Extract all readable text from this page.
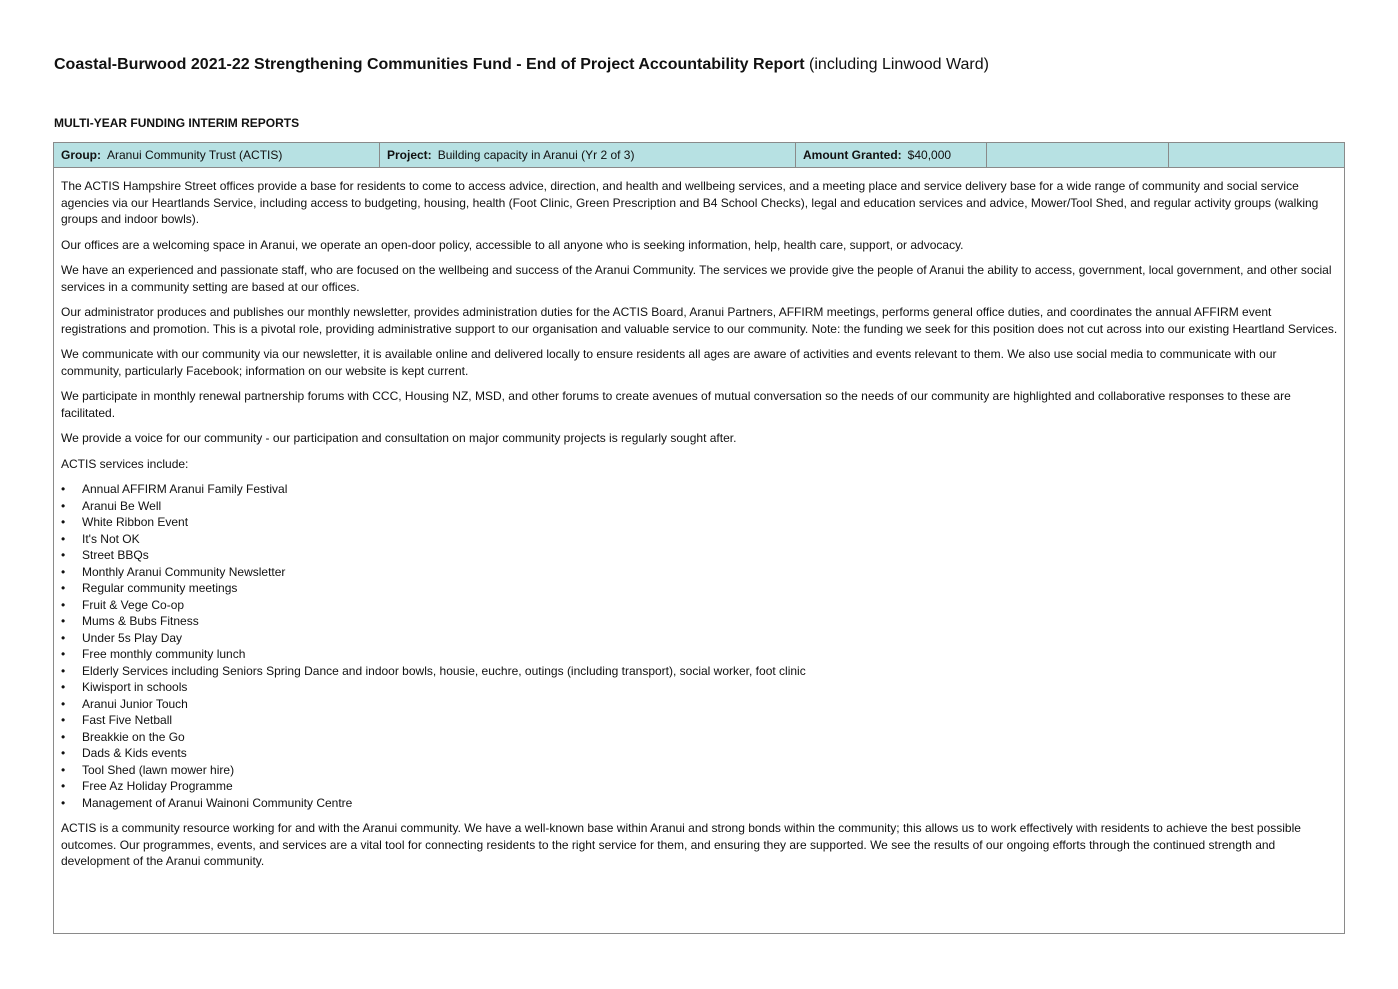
Coastal-Burwood 2021-22 Strengthening Communities Fund - End of Project Accountability Report (including Linwood Ward)
MULTI-YEAR FUNDING INTERIM REPORTS
Group: Aranui Community Trust (ACTIS)	Project: Building capacity in Aranui (Yr 2 of 3)	Amount Granted: $40,000

The ACTIS Hampshire Street offices provide a base for residents to come to access advice, direction, and health and wellbeing services, and a meeting place and service delivery base for a wide range of community and social service agencies via our Heartlands Service, including access to budgeting, housing, health (Foot Clinic, Green Prescription and B4 School Checks), legal and education services and advice, Mower/Tool Shed, and regular activity groups (walking groups and indoor bowls).

Our offices are a welcoming space in Aranui, we operate an open-door policy, accessible to all anyone who is seeking information, help, health care, support, or advocacy.

We have an experienced and passionate staff, who are focused on the wellbeing and success of the Aranui Community. The services we provide give the people of Aranui the ability to access, government, local government, and other social services in a community setting are based at our offices.

Our administrator produces and publishes our monthly newsletter, provides administration duties for the ACTIS Board, Aranui Partners, AFFIRM meetings, performs general office duties, and coordinates the annual AFFIRM event registrations and promotion. This is a pivotal role, providing administrative support to our organisation and valuable service to our community. Note: the funding we seek for this position does not cut across into our existing Heartland Services.

We communicate with our community via our newsletter, it is available online and delivered locally to ensure residents all ages are aware of activities and events relevant to them. We also use social media to communicate with our community, particularly Facebook; information on our website is kept current.

We participate in monthly renewal partnership forums with CCC, Housing NZ, MSD, and other forums to create avenues of mutual conversation so the needs of our community are highlighted and collaborative responses to these are facilitated.

We provide a voice for our community - our participation and consultation on major community projects is regularly sought after.

ACTIS services include:

• Annual AFFIRM Aranui Family Festival
• Aranui Be Well
• White Ribbon Event
• It's Not OK
• Street BBQs
• Monthly Aranui Community Newsletter
• Regular community meetings
• Fruit & Vege Co-op
• Mums & Bubs Fitness
• Under 5s Play Day
• Free monthly community lunch
• Elderly Services including Seniors Spring Dance and indoor bowls, housie, euchre, outings (including transport), social worker, foot clinic
• Kiwisport in schools
• Aranui Junior Touch
• Fast Five Netball
• Breakkie on the Go
• Dads & Kids events
• Tool Shed (lawn mower hire)
• Free Az Holiday Programme
• Management of Aranui Wainoni Community Centre

ACTIS is a community resource working for and with the Aranui community. We have a well-known base within Aranui and strong bonds within the community; this allows us to work effectively with residents to achieve the best possible outcomes. Our programmes, events, and services are a vital tool for connecting residents to the right service for them, and ensuring they are supported. We see the results of our ongoing efforts through the continued strength and development of the Aranui community.
